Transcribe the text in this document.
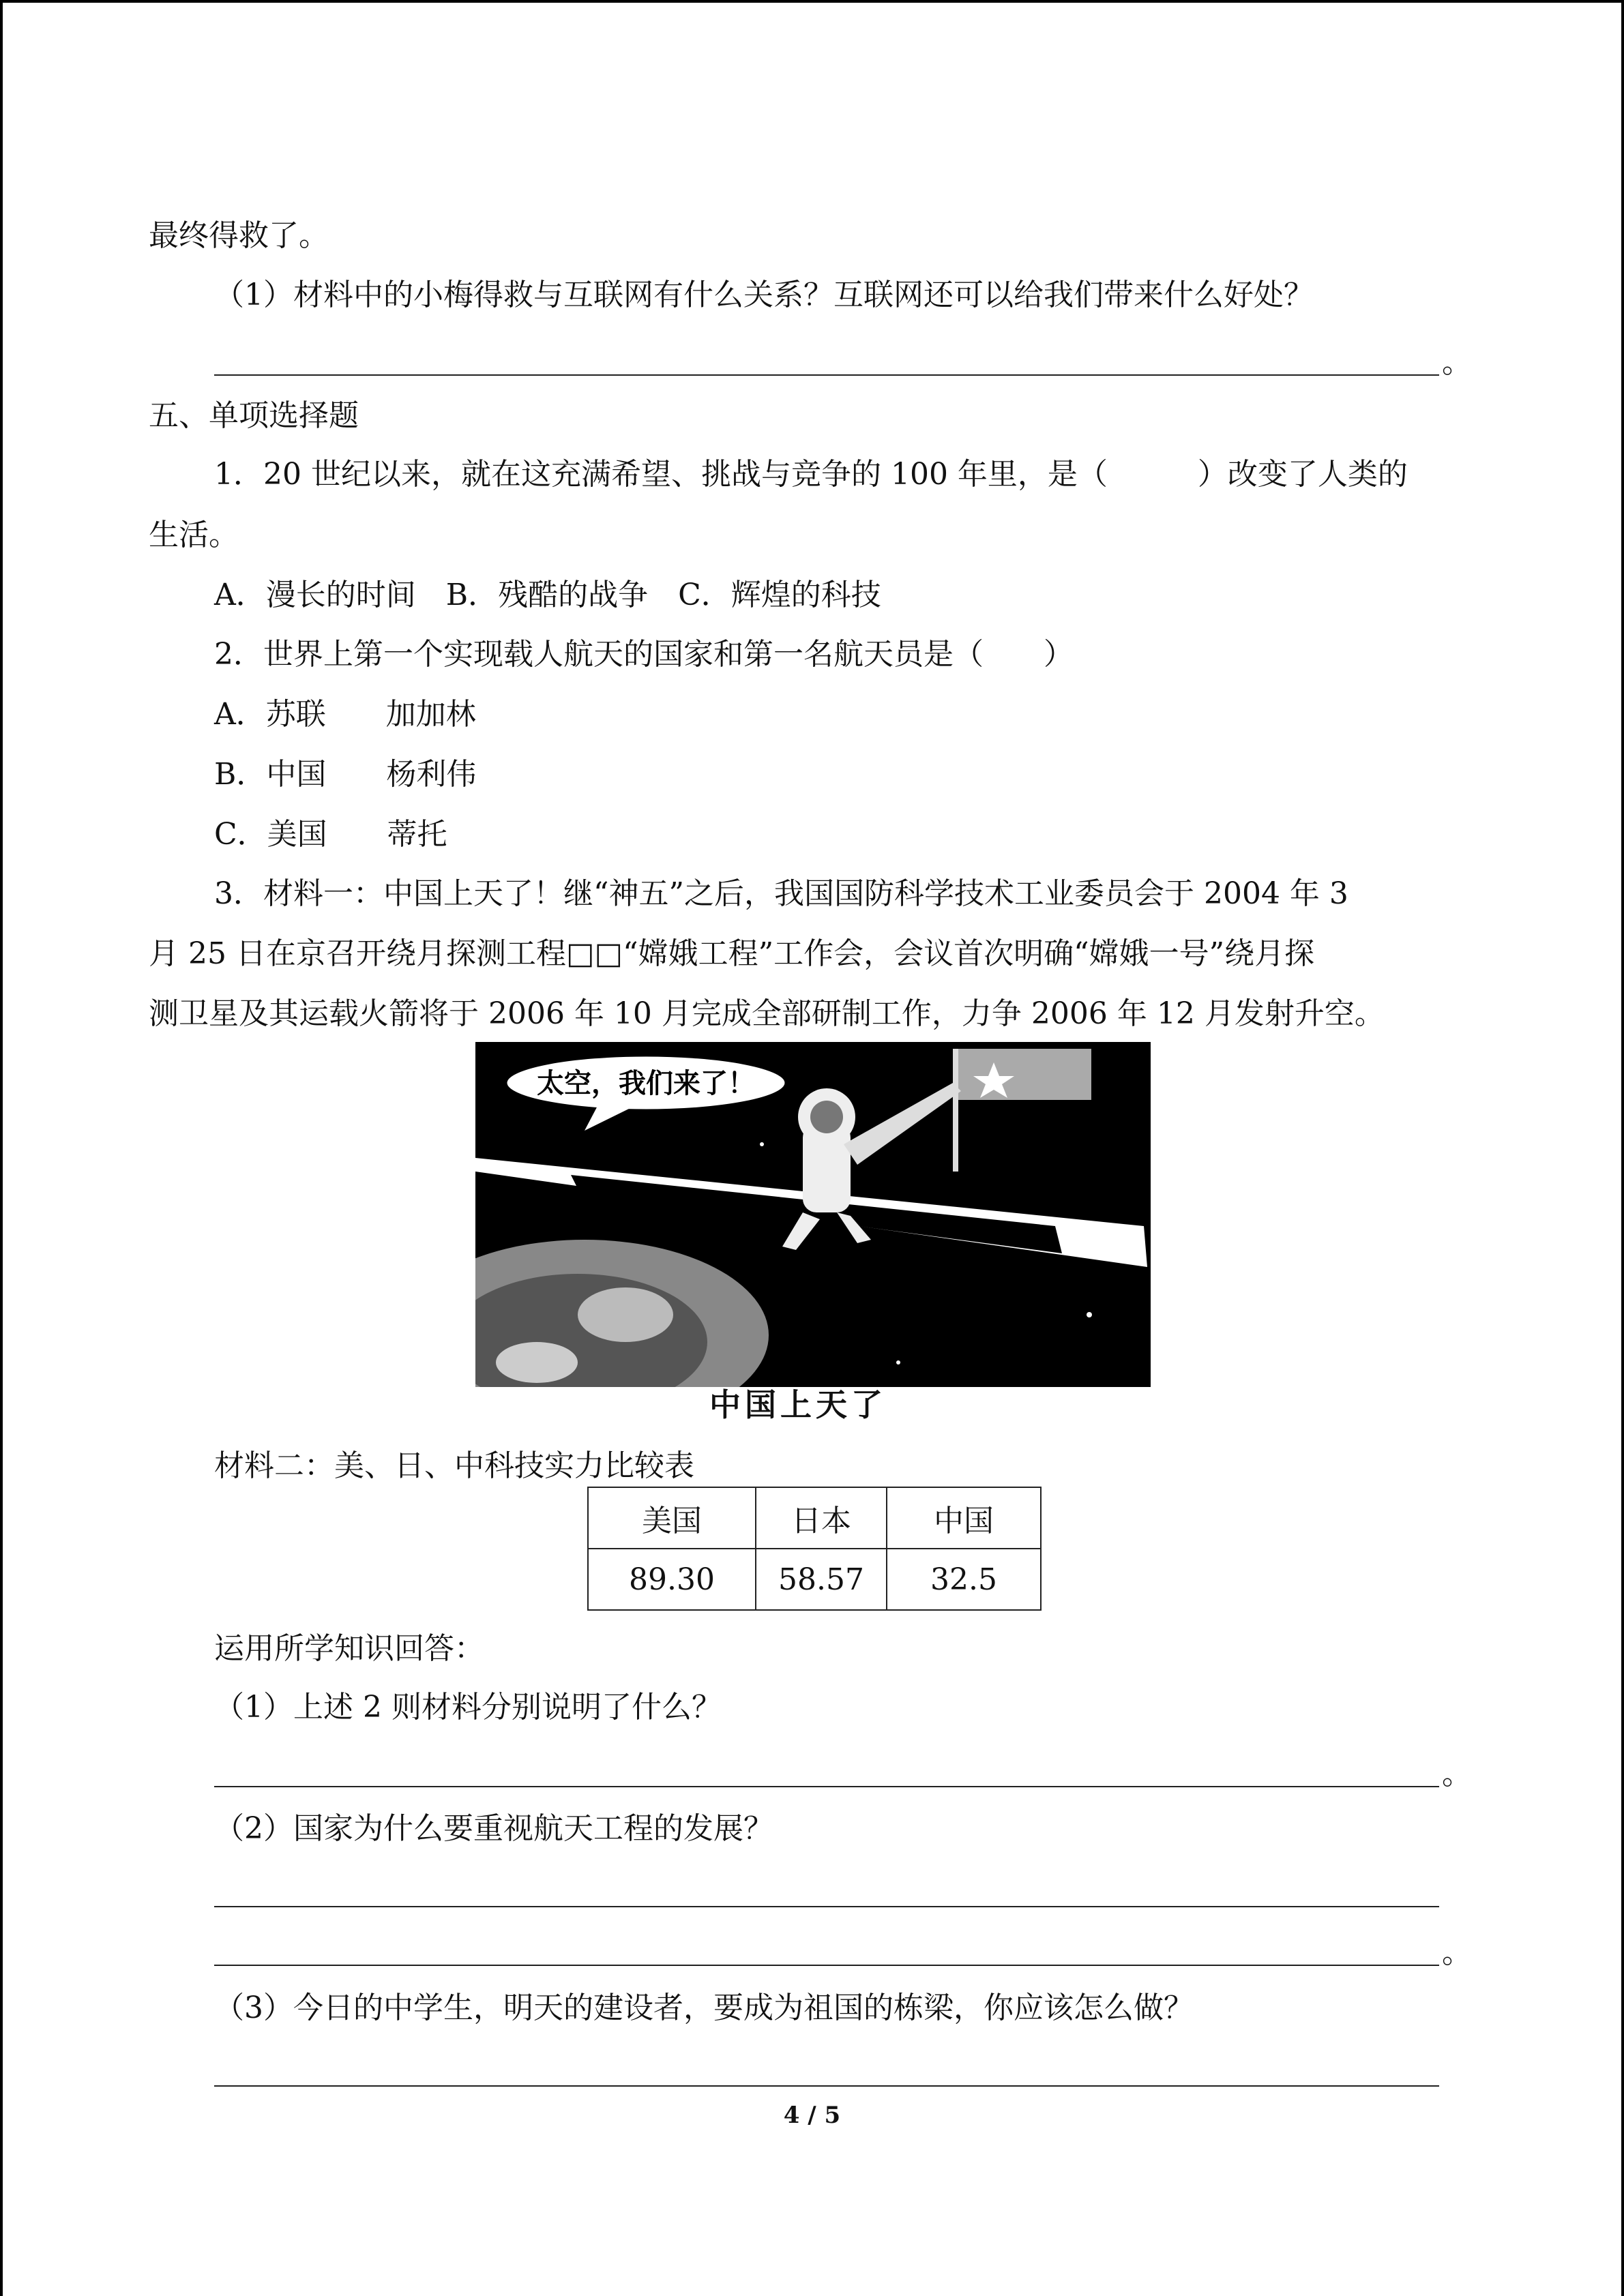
最终得救了。
（1）材料中的小梅得救与互联网有什么关系？互联网还可以给我们带来什么好处？
。
五、单项选择题
1．20 世纪以来，就在这充满希望、挑战与竞争的 100 年里，是（　　　）改变了人类的
生活。
A．漫长的时间　B．残酷的战争　C．辉煌的科技
2．世界上第一个实现载人航天的国家和第一名航天员是（　　）
A．苏联　　加加林
B．中国　　杨利伟
C．美国　　蒂托
3．材料一：中国上天了！继“神五”之后，我国国防科学技术工业委员会于 2004 年 3
月 25 日在京召开绕月探测工程□□“嫦娥工程”工作会，会议首次明确“嫦娥一号”绕月探
测卫星及其运载火箭将于 2006 年 10 月完成全部研制工作，力争 2006 年 12 月发射升空。
太空，我们来了！
中国上天了
材料二：美、日、中科技实力比较表
美国	日本	中国
89.30	58.57	32.5
运用所学知识回答：
（1）上述 2 则材料分别说明了什么？
。
（2）国家为什么要重视航天工程的发展？
。
（3）今日的中学生，明天的建设者，要成为祖国的栋梁，你应该怎么做？
4 / 5
